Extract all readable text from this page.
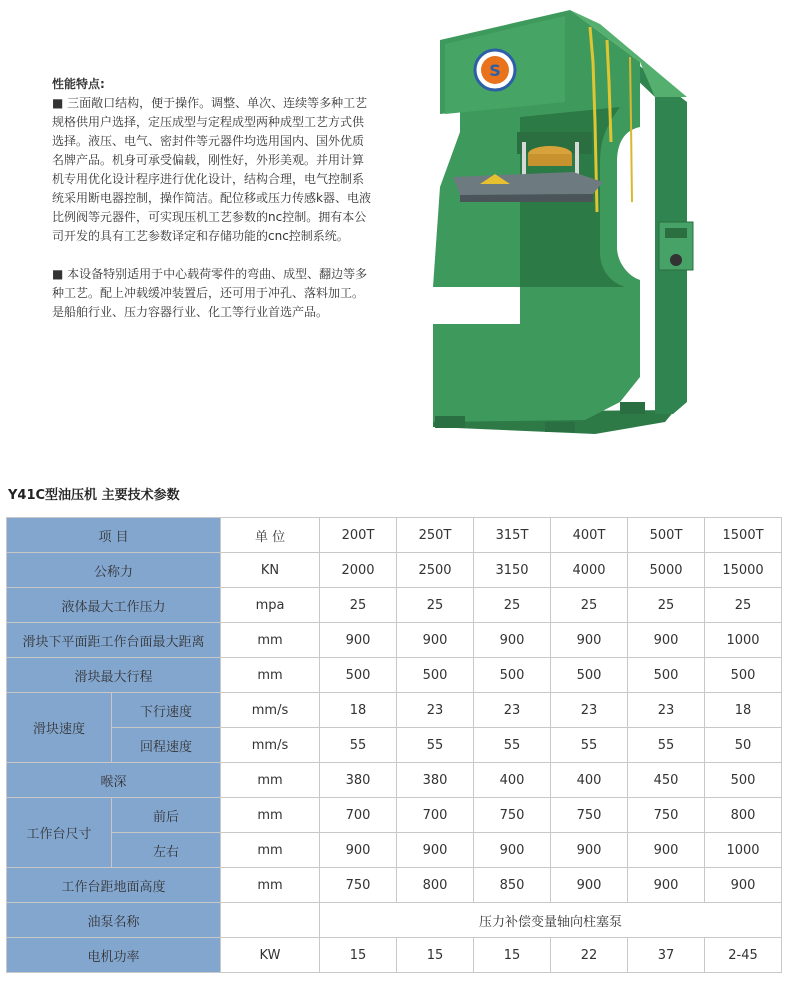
性能特点:

■ 三面敞口结构，便于操作。调整、单次、连续等多种工艺规格供用户选择，定压成型与定程成型两种成型工艺方式供选择。液压、电气、密封件等元器件均选用国内、国外优质名牌产品。机身可承受偏载，刚性好，外形美观。并用计算机专用优化设计程序进行优化设计，结构合理，电气控制系统采用断电器控制，操作简洁。配位移或压力传感k器、电液比例阀等元器件，可实现压机工艺参数的nc控制。拥有本公司开发的具有工艺参数译定和存储功能的cnc控制系统。

■ 本设备特别适用于中心载荷零件的弯曲、成型、翻边等多种工艺。配上冲载缓冲装置后，还可用于冲孔、落料加工。是船舶行业、压力容器行业、化工等行业首选产品。

S
Y41C型油压机 主要技术参数
项 目		单 位	200T	250T	315T	400T	500T	1500T
公称力		KN	2000	2500	3150	4000	5000	15000
液体最大工作压力		mpa	25	25	25	25	25	25
滑块下平面距工作台面最大距离		mm	900	900	900	900	900	1000
滑块最大行程		mm	500	500	500	500	500	500
滑块速度	下行速度	mm/s	18	23	23	23	23	18
	回程速度	mm/s	55	55	55	55	55	50
喉深		mm	380	380	400	400	450	500
工作台尺寸	前后	mm	700	700	750	750	750	800
	左右	mm	900	900	900	900	900	1000
工作台距地面高度		mm	750	800	850	900	900	900
油泵名称			压力补偿变量轴向柱塞泵					
电机功率		KW	15	15	15	22	37	2-45
